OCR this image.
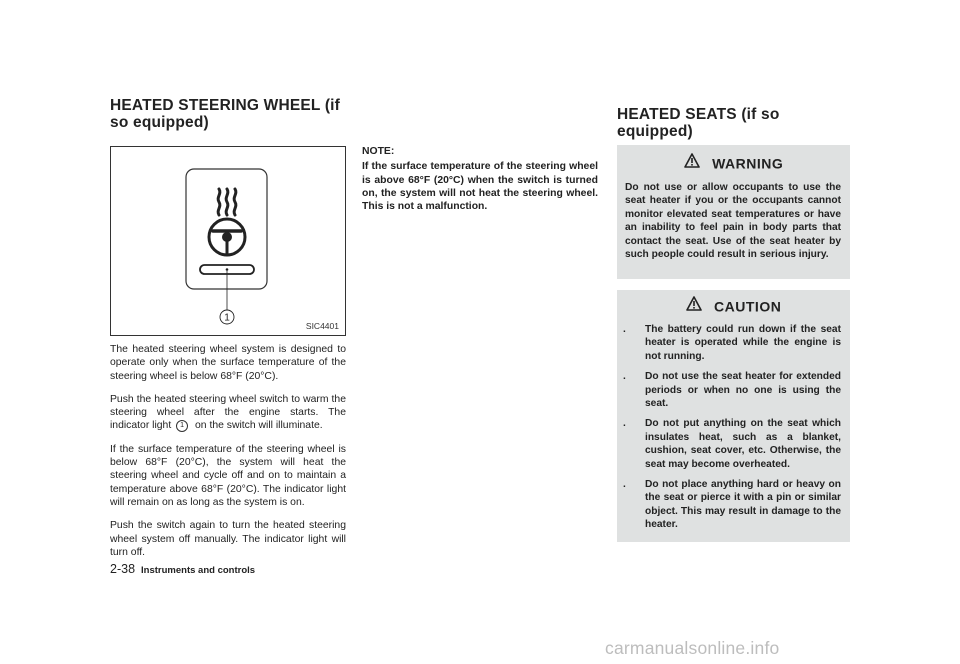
HEATED STEERING WHEEL (if so equipped)	HEATED SEATS (if so equipped)
1
SIC4401

The heated steering wheel system is designed to operate only when the surface temperature of the steering wheel is below 68°F (20°C).

Push the heated steering wheel switch to warm the steering wheel after the engine starts. The indicator light 1 on the switch will illuminate.

If the surface temperature of the steering wheel is below 68°F (20°C), the system will heat the steering wheel and cycle off and on to maintain a temperature above 68°F (20°C). The indicator light will remain on as long as the system is on.

Push the switch again to turn the heated steering wheel system off manually. The indicator light will turn off.

NOTE:

If the surface temperature of the steering wheel is above 68°F (20°C) when the switch is turned on, the system will not heat the steering wheel. This is not a malfunction.

WARNING

Do not use or allow occupants to use the seat heater if you or the occupants cannot monitor elevated seat temperatures or have an inability to feel pain in body parts that contact the seat. Use of the seat heater by such people could result in serious injury.

CAUTION

. The battery could run down if the seat heater is operated while the engine is not running.

. Do not use the seat heater for extended periods or when no one is using the seat.

. Do not put anything on the seat which insulates heat, such as a blanket, cushion, seat cover, etc. Otherwise, the seat may become overheated.

. Do not place anything hard or heavy on the seat or pierce it with a pin or similar object. This may result in damage to the heater.

2-38 Instruments and controls
carmanualsonline.info
